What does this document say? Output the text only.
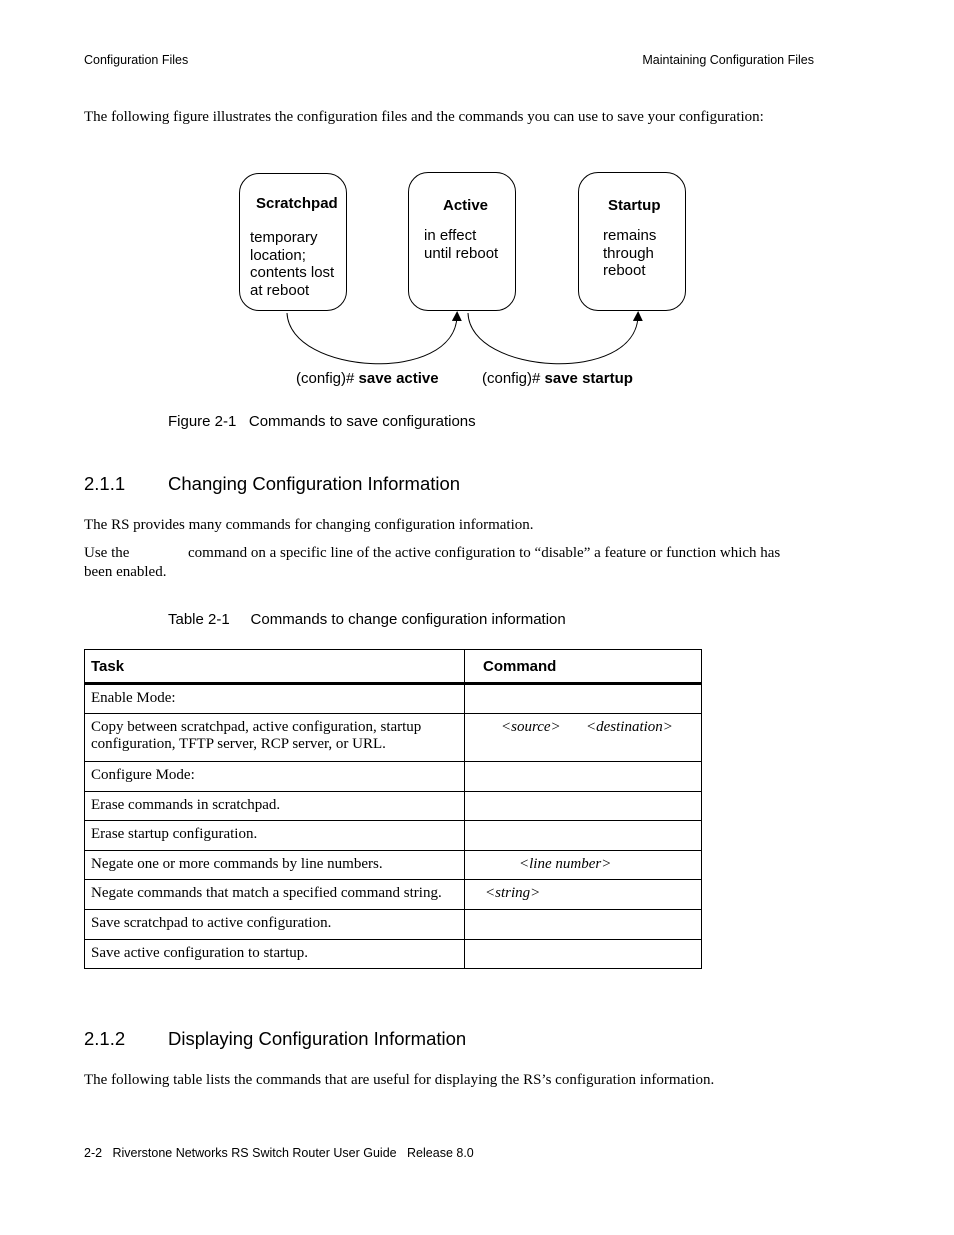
Configuration Files	Maintaining Configuration Files
The following figure illustrates the configuration files and the commands you can use to save your configuration:
Scratchpad
temporary
location;
contents lost
at reboot
Active
in effect
until reboot
Startup
remains
through
reboot
(config)# save active	(config)# save startup
Figure 2-1   Commands to save configurations
2.1.1 Changing Configuration Information
The RS provides many commands for changing configuration information.
Use the	command on a specific line of the active configuration to “disable” a feature or function which has
been enabled.
Table 2-1     Commands to change configuration information
Task	Command
Enable Mode:	
Copy between scratchpad, active configuration, startup configuration, TFTP server, RCP server, or URL.	<source> <destination>

Configure Mode:	
Erase commands in scratchpad.	
Erase startup configuration.	
Negate one or more commands by line numbers.	<line number>

Negate commands that match a specified command string.	<string>

Save scratchpad to active configuration.	
Save active configuration to startup.	
2.1.2 Displaying Configuration Information
The following table lists the commands that are useful for displaying the RS’s configuration information.
2-2   Riverstone Networks RS Switch Router User Guide   Release 8.0
